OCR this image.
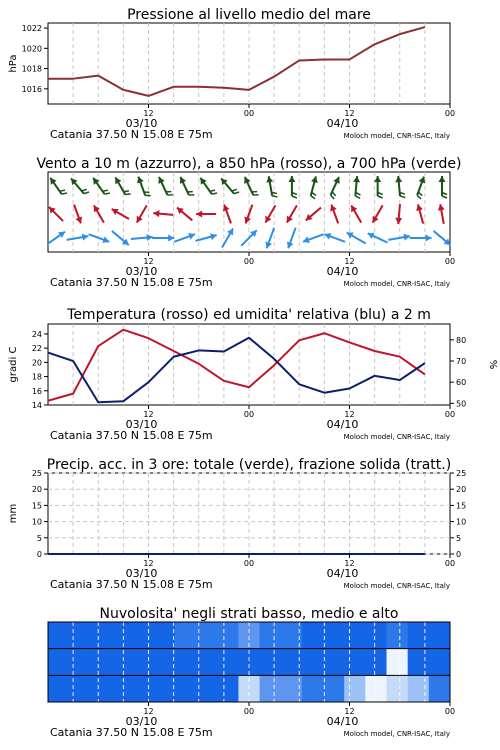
1016
1018
1020
1022
hPa
12	00	12	00
03/10	04/10
Catania 37.50 N 15.08 E 75m	Moloch model, CNR-ISAC, Italy
Pressione al livello medio del mare
12	00	12	00
03/10	04/10
Catania 37.50 N 15.08 E 75m	Moloch model, CNR-ISAC, Italy
Vento a 10 m (azzurro), a 850 hPa (rosso), a 700 hPa (verde)
14
16
18
20
22
24
50
60
70
80
gradi C	%
12	00	12	00
03/10	04/10
Catania 37.50 N 15.08 E 75m	Moloch model, CNR-ISAC, Italy
Temperatura (rosso) ed umidita' relativa (blu) a 2 m
0	0
5	5
10	10
15	15
20	20
25	25
mm
12	00	12	00
03/10	04/10
Catania 37.50 N 15.08 E 75m	Moloch model, CNR-ISAC, Italy
Precip. acc. in 3 ore: totale (verde), frazione solida (tratt.)
12	00	12	00
03/10	04/10
Catania 37.50 N 15.08 E 75m	Moloch model, CNR-ISAC, Italy
Nuvolosita' negli strati basso, medio e alto
